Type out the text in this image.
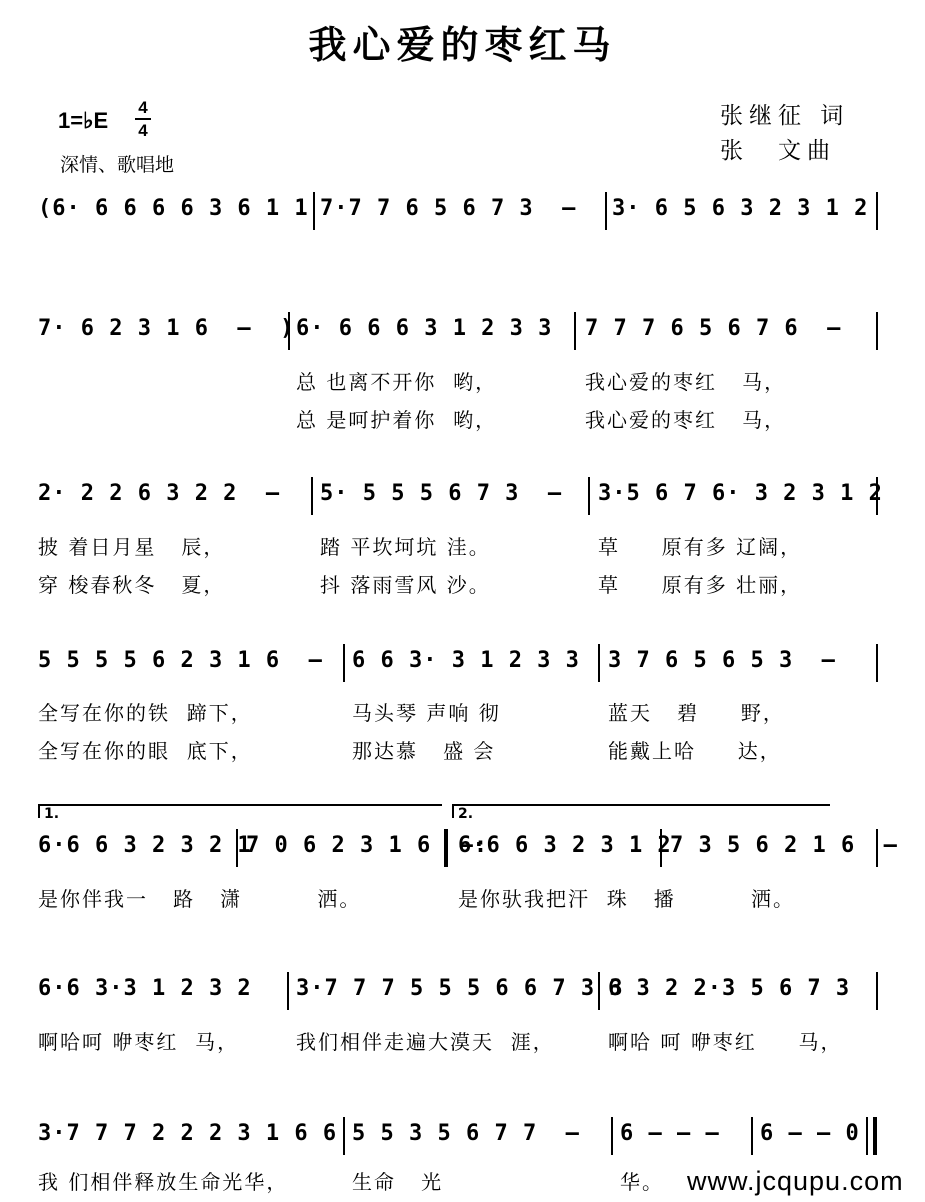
我心爱的枣红马
1=♭E
4
4
深情、歌唱地
张继征 词
张　文曲
(6· 6 6 6 6 3 6 1 1 7·7 7 6 5 6 7 3  – 3· 6 5 6 3 2 3 1 2
7· 6 2 3 1 6  –  ) 6· 6 6 6 3 1 2 3 3 7 7 7 6 5 6 7 6  –
总 也离不开你  哟，	我心爱的枣红   马，
总 是呵护着你  哟，	我心爱的枣红   马，
2· 2 2 6 3 2 2  – 5· 5 5 5 6 7 3  – 3·5 6 7 6· 3 2 3 1 2
披 着日月星   辰，	踏 平坎坷坑 洼。	草     原有多 辽阔，
穿 梭春秋冬   夏，	抖 落雨雪风 沙。	草     原有多 壮丽，
5 5 5 5 6 2 3 1 6  – 6 6 3· 3 1 2 3 3 3 7 6 5 6 5 3  –
全写在你的铁  蹄下，	马头琴 声响 彻	蓝天   碧     野，
全写在你的眼  底下，	那达慕   盛 会	能戴上哈     达，
1.	2.
6·6 6 3 2 3 2 1
7 0 6 2 3 1 6  –:
6·6 6 3 2 3 1 2
7 3 5 6 2 1 6  –
是你伴我一   路   潇         洒。	是你驮我把汗  珠   播         洒。
6·6 3·3 1 2 3 2 3·7 7 7 5 5 5 6 6 7 3 3
6 3 2 2·3 5 6 7 3
啊哈呵 咿枣红  马，	我们相伴走遍大漠天  涯，	啊哈 呵 咿枣红     马，
3·7 7 7 2 2 2 3 1 6 6 5 5 3 5 6 7 7  – 6 – – – 6 – – 0
我 们相伴释放生命光华，	生命   光	华。 www.jcqupu.com
